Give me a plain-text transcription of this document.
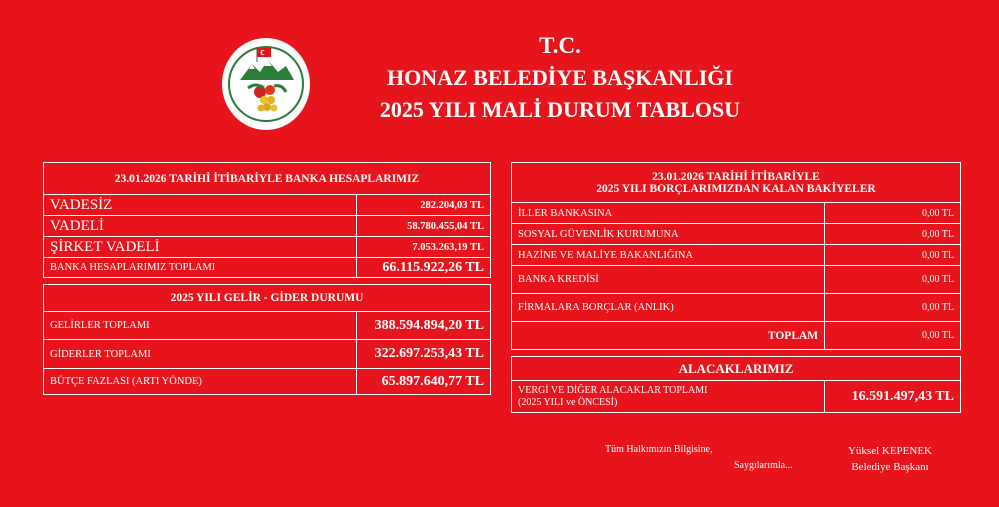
T.C.
HONAZ BELEDİYE BAŞKANLIĞI
2025 YILI MALİ DURUM TABLOSU
23.01.2026 TARİHİ İTİBARİYLE BANKA HESAPLARIMIZ	
VADESİZ	282.204,03 TL
VADELİ	58.780.455,04 TL
ŞİRKET VADELİ	7.053.263,19 TL
BANKA HESAPLARIMIZ TOPLAMI	66.115.922,26 TL

2025 YILI GELİR - GİDER DURUMU	
GELİRLER TOPLAMI	388.594.894,20 TL
GİDERLER TOPLAMI	322.697.253,43 TL
BÜTÇE FAZLASI (ARTI YÖNDE)	65.897.640,77 TL
23.01.2026 TARİHİ İTİBARİYLE
2025 YILI BORÇLARIMIZDAN KALAN BAKİYELER	

İLLER BANKASINA	0,00 TL
SOSYAL GÜVENLİK KURUMUNA	0,00 TL
HAZİNE VE MALİYE BAKANLIĞINA	0,00 TL
BANKA KREDİSİ	0,00 TL
FİRMALARA BORÇLAR (ANLIK)	0,00 TL
TOPLAM	0,00 TL

ALACAKLARIMIZ	

VERGİ VE DİĞER ALACAKLAR TOPLAMI
(2025 YILI ve ÖNCESİ)	16.591.497,43 TL
Tüm Halkımızın Bilgisine,
Saygılarımla...
Yüksel KEPENEK
Belediye Başkanı
